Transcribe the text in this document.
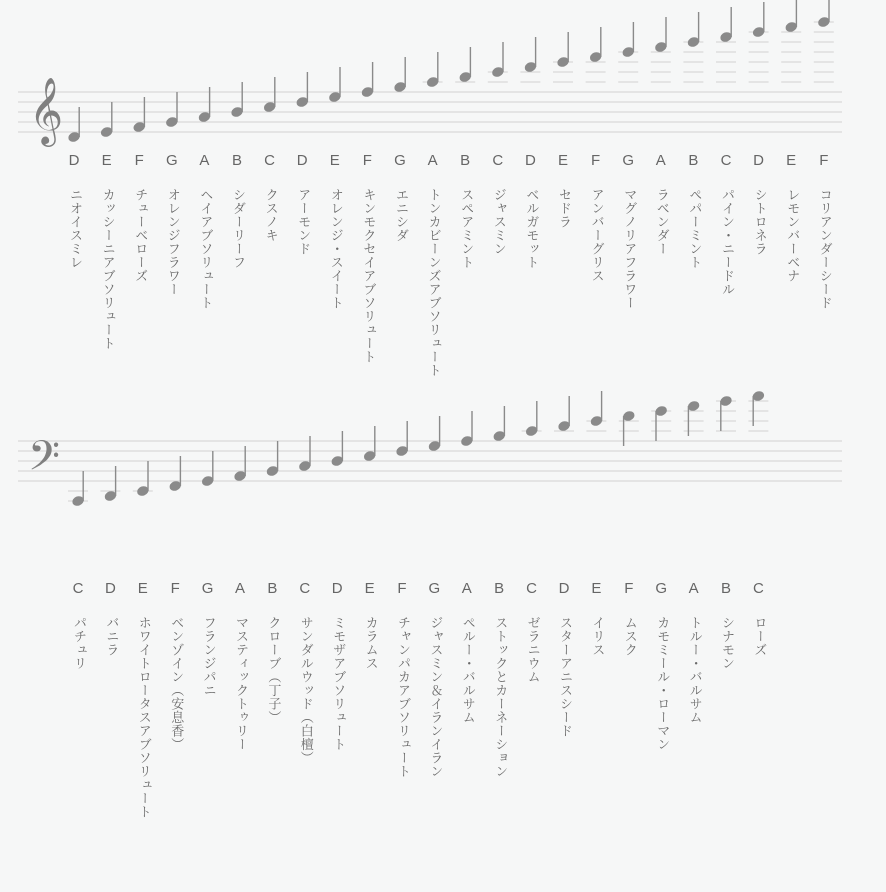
𝄞
𝄢
D
ニオイスミレ
E
カッシーニアブソリュート
F
チューベローズ
G
オレンジフラワー
A
ヘイアブソリュート
B
シダーリーフ
C
クスノキ
D
アーモンド
E
オレンジ・スイート
F
キンモクセイアブソリュート
G
エニシダ
A
トンカビーンズアブソリュート
B
スペアミント
C
ジャスミン
D
ベルガモット
E
セドラ
F
アンバーグリス
G
マグノリアフラワー
A
ラベンダー
B
ペパーミント
C
パイン・ニードル
D
シトロネラ
E
レモンバーベナ
F
コリアンダーシード
C
パチュリ
D
バニラ
E
ホワイトロータスアブソリュート
F
ベンゾイン（安息香）
G
フランジパニ
A
マスティックトゥリー
B
クローブ（丁子）
C
サンダルウッド（白檀）
D
ミモザアブソリュート
E
カラムス
F
チャンパカアブソリュート
G
ジャスミン＆イランイラン
A
ペルー・バルサム
B
ストックとカーネーション
C
ゼラニウム
D
スターアニスシード
E
イリス
F
ムスク
G
カモミール・ローマン
A
トルー・バルサム
B
シナモン
C
ローズ
